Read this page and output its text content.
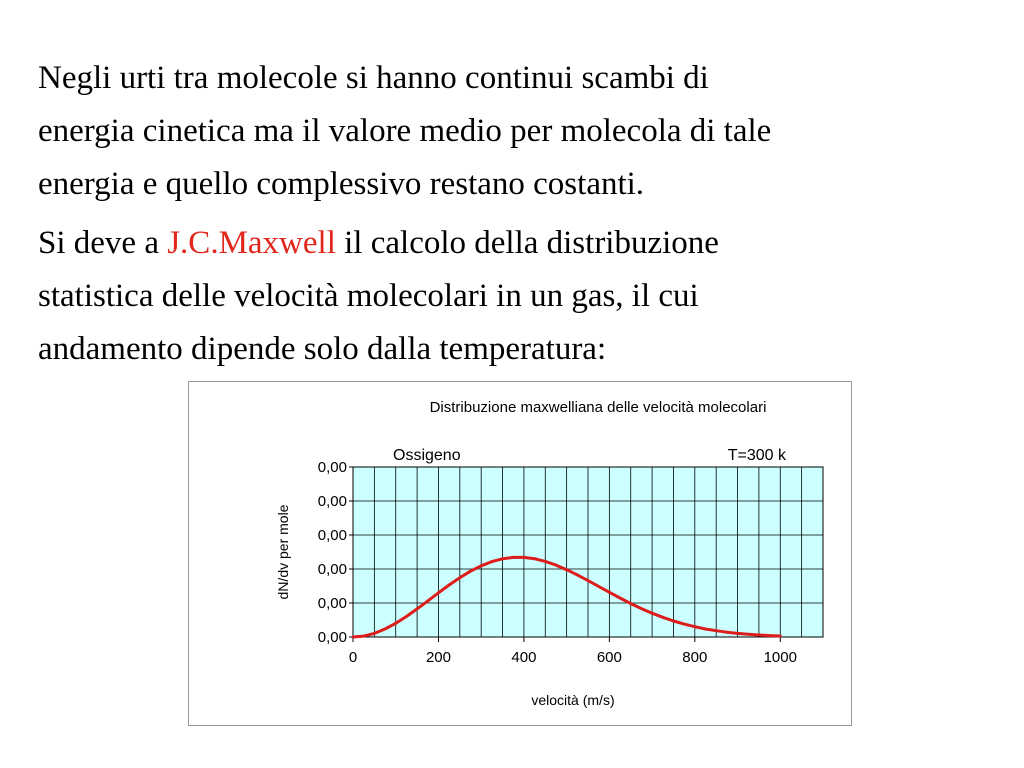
Negli urti tra molecole si hanno continui scambi di
energia cinetica ma il valore medio per molecola di tale
energia e quello complessivo restano costanti.
Si deve a J.C.Maxwell il calcolo della distribuzione
statistica delle velocità molecolari in un gas, il cui
andamento dipende solo dalla temperatura:
Distribuzione maxwelliana delle velocità molecolari
Ossigeno	T=300 k
0,00
0,00
0,00
0,00
0,00
0,00
0	200	400	600	800	1000
dN/dv per mole
velocità (m/s)
